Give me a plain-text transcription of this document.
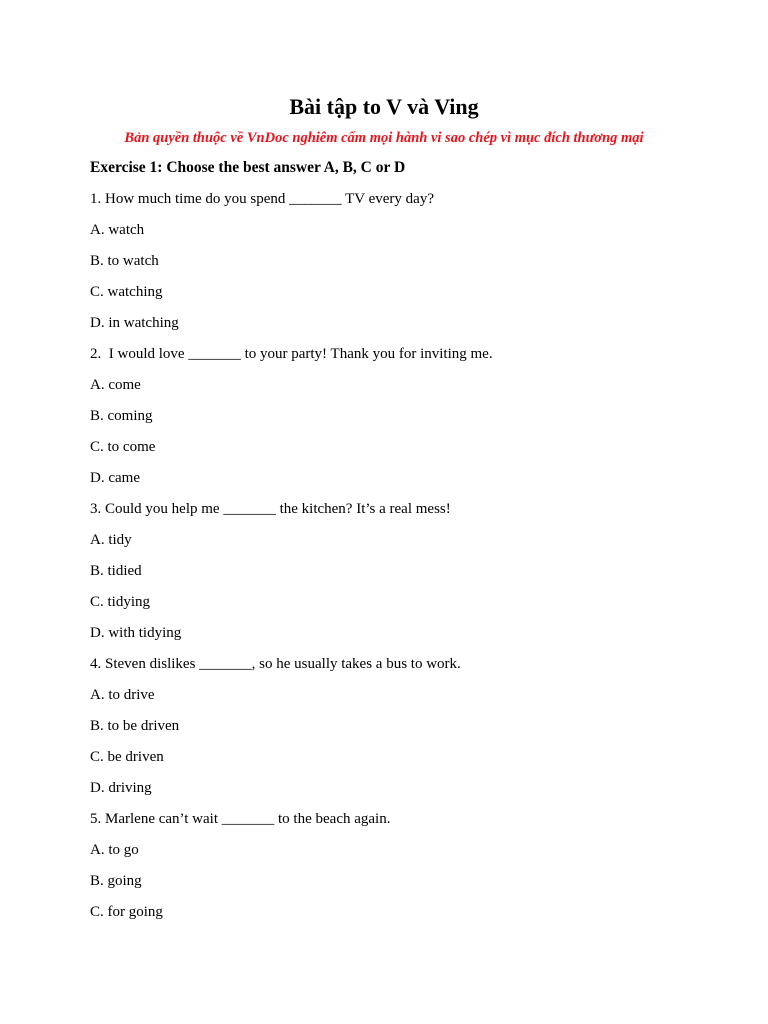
Bài tập to V và Ving
Bản quyền thuộc về VnDoc nghiêm cấm mọi hành vi sao chép vì mục đích thương mại
Exercise 1: Choose the best answer A, B, C or D
1. How much time do you spend _______ TV every day?
A. watch
B. to watch
C. watching
D. in watching
2.  I would love _______ to your party! Thank you for inviting me.
A. come
B. coming
C. to come
D. came
3. Could you help me _______ the kitchen? It’s a real mess!
A. tidy
B. tidied
C. tidying
D. with tidying
4. Steven dislikes _______, so he usually takes a bus to work.
A. to drive
B. to be driven
C. be driven
D. driving
5. Marlene can’t wait _______ to the beach again.
A. to go
B. going
C. for going
